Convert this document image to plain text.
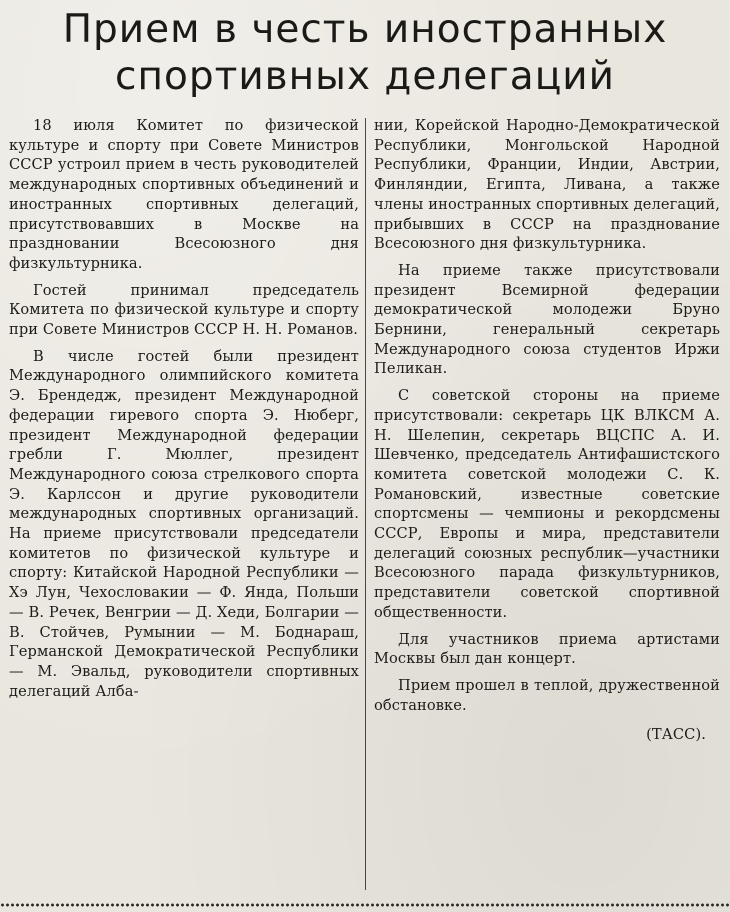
Прием в честь иностранных
спортивных делегаций

18 июля Комитет по физической культуре и спорту при Совете Министров СССР устроил прием в честь руководителей международных спортивных объединений и иностранных спортивных делегаций, присутствовавших в Москве на праздновании Всесоюзного дня физкультурника.

Гостей принимал председатель Комитета по физической культуре и спорту при Совете Министров СССР Н. Н. Романов.

В числе гостей были президент Международного олимпийского комитета Э. Брендедж, президент Международной федерации гиревого спорта Э. Нюберг, президент Международной федерации гребли Г. Мюллег, президент Международного союза стрелкового спорта Э. Карлссон и другие руководители международных спортивных организаций. На приеме присутствовали председатели комитетов по физической культуре и спорту: Китайской Народной Республики — Хэ Лун, Чехословакии — Ф. Янда, Польши — В. Речек, Венгрии — Д. Хеди, Болгарии — В. Стойчев, Румынии — М. Боднараш, Германской Демократической Республики — М. Эвальд, руководители спортивных делегаций Алба-

нии, Корейской Народно-Демократической Республики, Монгольской Народной Республики, Франции, Индии, Австрии, Финляндии, Египта, Ливана, а также члены иностранных спортивных делегаций, прибывших в СССР на празднование Всесоюзного дня физкультурника.

На приеме также присутствовали президент Всемирной федерации демократической молодежи Бруно Бернини, генеральный секретарь Международного союза студентов Иржи Пеликан.

С советской стороны на приеме присутствовали: секретарь ЦК ВЛКСМ А. Н. Шелепин, секретарь ВЦСПС А. И. Шевченко, председатель Антифашистского комитета советской молодежи С. К. Романовский, известные советские спортсмены — чемпионы и рекордсмены СССР, Европы и мира, представители делегаций союзных республик—участники Всесоюзного парада физкультурников, представители советской спортивной общественности.

Для участников приема артистами Москвы был дан концерт.

Прием прошел в теплой, дружественной обстановке.

(ТАСС).
